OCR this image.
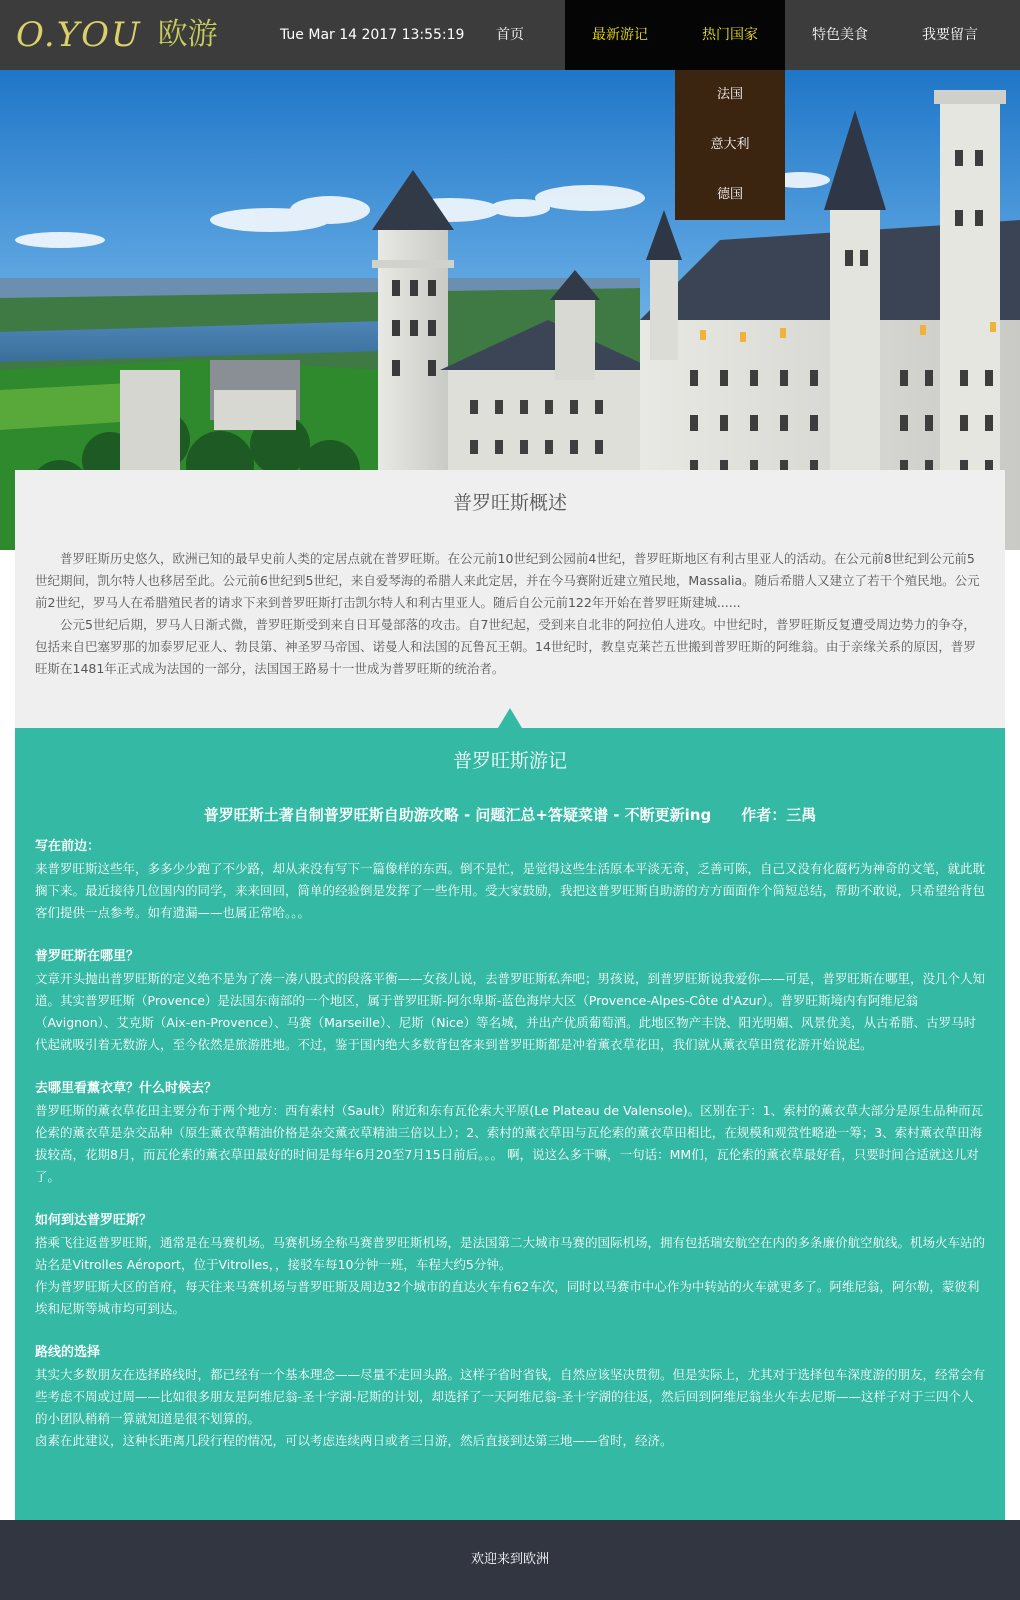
O.YOU 欧游	Tue Mar 14 2017 13:55:19	首页	最新游记	热门国家	特色美食	我要留言
法国
意大利
德国
普罗旺斯概述

普罗旺斯历史悠久，欧洲已知的最早史前人类的定居点就在普罗旺斯。在公元前10世纪到公园前4世纪，普罗旺斯地区有利古里亚人的活动。在公元前8世纪到公元前5世纪期间，凯尔特人也移居至此。公元前6世纪到5世纪，来自爱琴海的希腊人来此定居，并在今马赛附近建立殖民地，Massalia。随后希腊人又建立了若干个殖民地。公元前2世纪，罗马人在希腊殖民者的请求下来到普罗旺斯打击凯尔特人和利古里亚人。随后自公元前122年开始在普罗旺斯建城......

公元5世纪后期，罗马人日渐式微，普罗旺斯受到来自日耳曼部落的攻击。自7世纪起，受到来自北非的阿拉伯人进攻。中世纪时，普罗旺斯反复遭受周边势力的争夺，包括来自巴塞罗那的加泰罗尼亚人、勃艮第、神圣罗马帝国、诺曼人和法国的瓦鲁瓦王朝。14世纪时，教皇克莱芒五世搬到普罗旺斯的阿维翁。由于亲缘关系的原因，普罗旺斯在1481年正式成为法国的一部分，法国国王路易十一世成为普罗旺斯的统治者。

普罗旺斯游记
普罗旺斯土著自制普罗旺斯自助游攻略 - 问题汇总+答疑菜谱 - 不断更新ing 作者：三禺
写在前边：

来普罗旺斯这些年，多多少少跑了不少路，却从来没有写下一篇像样的东西。倒不是忙，是觉得这些生活原本平淡无奇，乏善可陈，自己又没有化腐朽为神奇的文笔，就此耽搁下来。最近接待几位国内的同学，来来回回，简单的经验倒是发挥了一些作用。受大家鼓励，我把这普罗旺斯自助游的方方面面作个简短总结，帮助不敢说，只希望给背包客们提供一点参考。如有遗漏——也属正常哈。。。

普罗旺斯在哪里？

文章开头抛出普罗旺斯的定义绝不是为了凑一凑八股式的段落平衡——女孩儿说，去普罗旺斯私奔吧；男孩说，到普罗旺斯说我爱你——可是，普罗旺斯在哪里，没几个人知道。其实普罗旺斯（Provence）是法国东南部的一个地区，属于普罗旺斯-阿尔卑斯-蓝色海岸大区（Provence-Alpes-Côte d'Azur）。普罗旺斯境内有阿维尼翁（Avignon）、艾克斯（Aix-en-Provence）、马赛（Marseille）、尼斯（Nice）等名城，并出产优质葡萄酒。此地区物产丰饶、阳光明媚、风景优美，从古希腊、古罗马时代起就吸引着无数游人，至今依然是旅游胜地。不过，鉴于国内绝大多数背包客来到普罗旺斯都是冲着薰衣草花田，我们就从薰衣草田赏花游开始说起。

去哪里看薰衣草？什么时候去？

普罗旺斯的薰衣草花田主要分布于两个地方：西有索村（Sault）附近和东有瓦伦索大平原(Le Plateau de Valensole)。区别在于：1、索村的薰衣草大部分是原生品种而瓦伦索的薰衣草是杂交品种（原生薰衣草精油价格是杂交薰衣草精油三倍以上）；2、索村的薰衣草田与瓦伦索的薰衣草田相比，在规模和观赏性略逊一筹；3、索村薰衣草田海拔较高，花期8月，而瓦伦索的薰衣草田最好的时间是每年6月20至7月15日前后。。。 啊，说这么多干嘛，一句话：MM们，瓦伦索的薰衣草最好看，只要时间合适就这儿对了。

如何到达普罗旺斯？

搭乘飞往返普罗旺斯，通常是在马赛机场。马赛机场全称马赛普罗旺斯机场，是法国第二大城市马赛的国际机场，拥有包括瑞安航空在内的多条廉价航空航线。机场火车站的站名是Vitrolles Aéroport，位于Vitrolles，，接驳车每10分钟一班，车程大约5分钟。

作为普罗旺斯大区的首府，每天往来马赛机场与普罗旺斯及周边32个城市的直达火车有62车次，同时以马赛市中心作为中转站的火车就更多了。阿维尼翁，阿尔勒，蒙彼利埃和尼斯等城市均可到达。

路线的选择

其实大多数朋友在选择路线时，都已经有一个基本理念——尽量不走回头路。这样子省时省钱，自然应该坚决贯彻。但是实际上，尤其对于选择包车深度游的朋友，经常会有些考虑不周或过周——比如很多朋友是阿维尼翁-圣十字湖-尼斯的计划，却选择了一天阿维尼翁-圣十字湖的往返，然后回到阿维尼翁坐火车去尼斯——这样子对于三四个人的小团队稍稍一算就知道是很不划算的。

卤素在此建议，这种长距离几段行程的情况，可以考虑连续两日或者三日游，然后直接到达第三地——省时，经济。

欢迎来到欧洲
